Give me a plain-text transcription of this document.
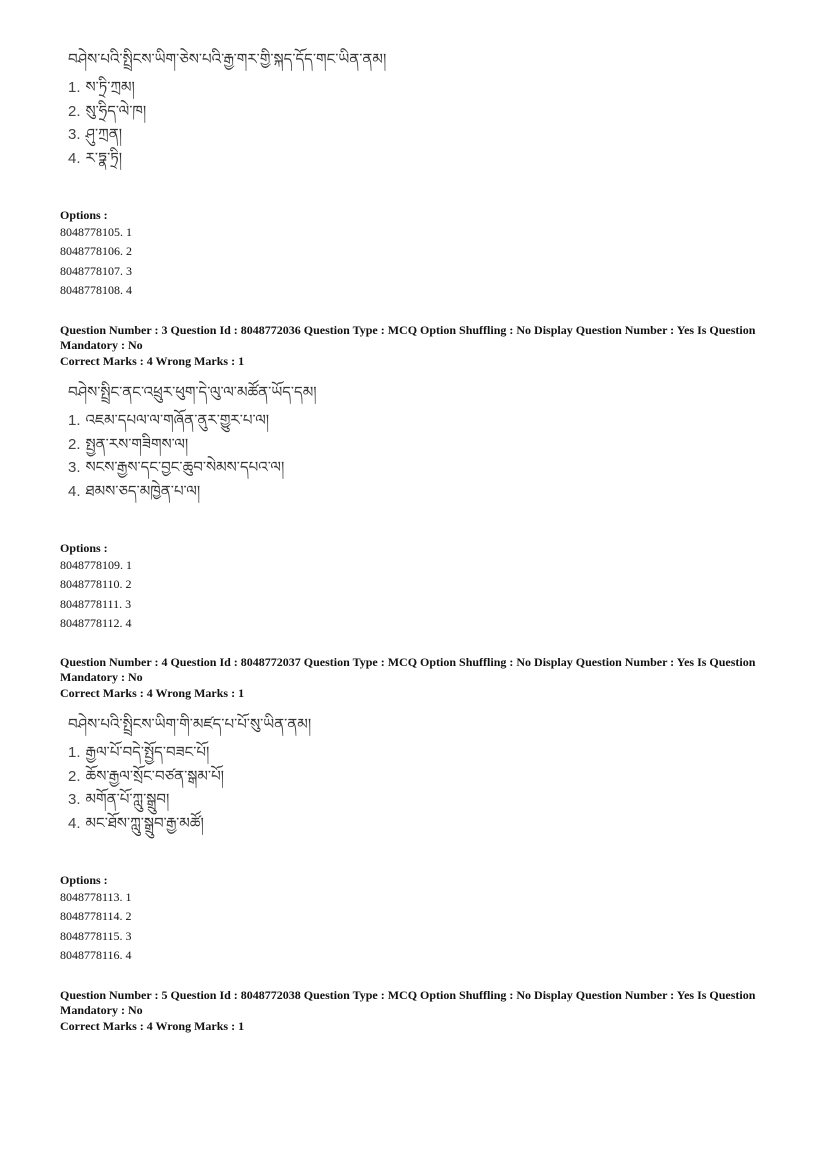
བཤེས་པའི་སྤྲིངས་ཡིག་ཅེས་པའི་རྒྱ་གར་གྱི་སྐད་དོད་གང་ཡིན་ནམ།
1. ས་ཏྲི་ཀྲམ།
2. སུ་ཧྲིད་ལེ་ཁ།
3. ཤུ་ཀྲན།
4. ར་ཏྣ་ཏྲི།
Options :
8048778105. 1
8048778106. 2
8048778107. 3
8048778108. 4
Question Number : 3 Question Id : 8048772036 Question Type : MCQ Option Shuffling : No Display Question Number : Yes Is Question Mandatory : No
Correct Marks : 4 Wrong Marks : 1
བཤེས་སྤྲིང་ནང་འཕྲུར་ཕུག་དེ་ལུ་ལ་མཚོན་ཡོད་དམ།
1. འཇམ་དཔལ་ལ་གཞོན་ནུར་གྱུར་པ་ལ།
2. སྤྱན་རས་གཟིགས་ལ།
3. སངས་རྒྱས་དང་བྱང་ཆུབ་སེམས་དཔའ་ལ།
4. ཐམས་ཅད་མཁྱེན་པ་ལ།
Options :
8048778109. 1
8048778110. 2
8048778111. 3
8048778112. 4
Question Number : 4 Question Id : 8048772037 Question Type : MCQ Option Shuffling : No Display Question Number : Yes Is Question Mandatory : No
Correct Marks : 4 Wrong Marks : 1
བཤེས་པའི་སྤྲིངས་ཡིག་གི་མཛད་པ་པོ་སུ་ཡིན་ནམ།
1. རྒྱལ་པོ་བདེ་སྤྱོད་བཟང་པོ།
2. ཆོས་རྒྱལ་སྲོང་བཙན་སྒམ་པོ།
3. མགོན་པོ་ཀླུ་སྒྲུབ།
4. མང་ཐོས་ཀླུ་སྒྲུབ་རྒྱ་མཚོ།
Options :
8048778113. 1
8048778114. 2
8048778115. 3
8048778116. 4
Question Number : 5 Question Id : 8048772038 Question Type : MCQ Option Shuffling : No Display Question Number : Yes Is Question Mandatory : No
Correct Marks : 4 Wrong Marks : 1
